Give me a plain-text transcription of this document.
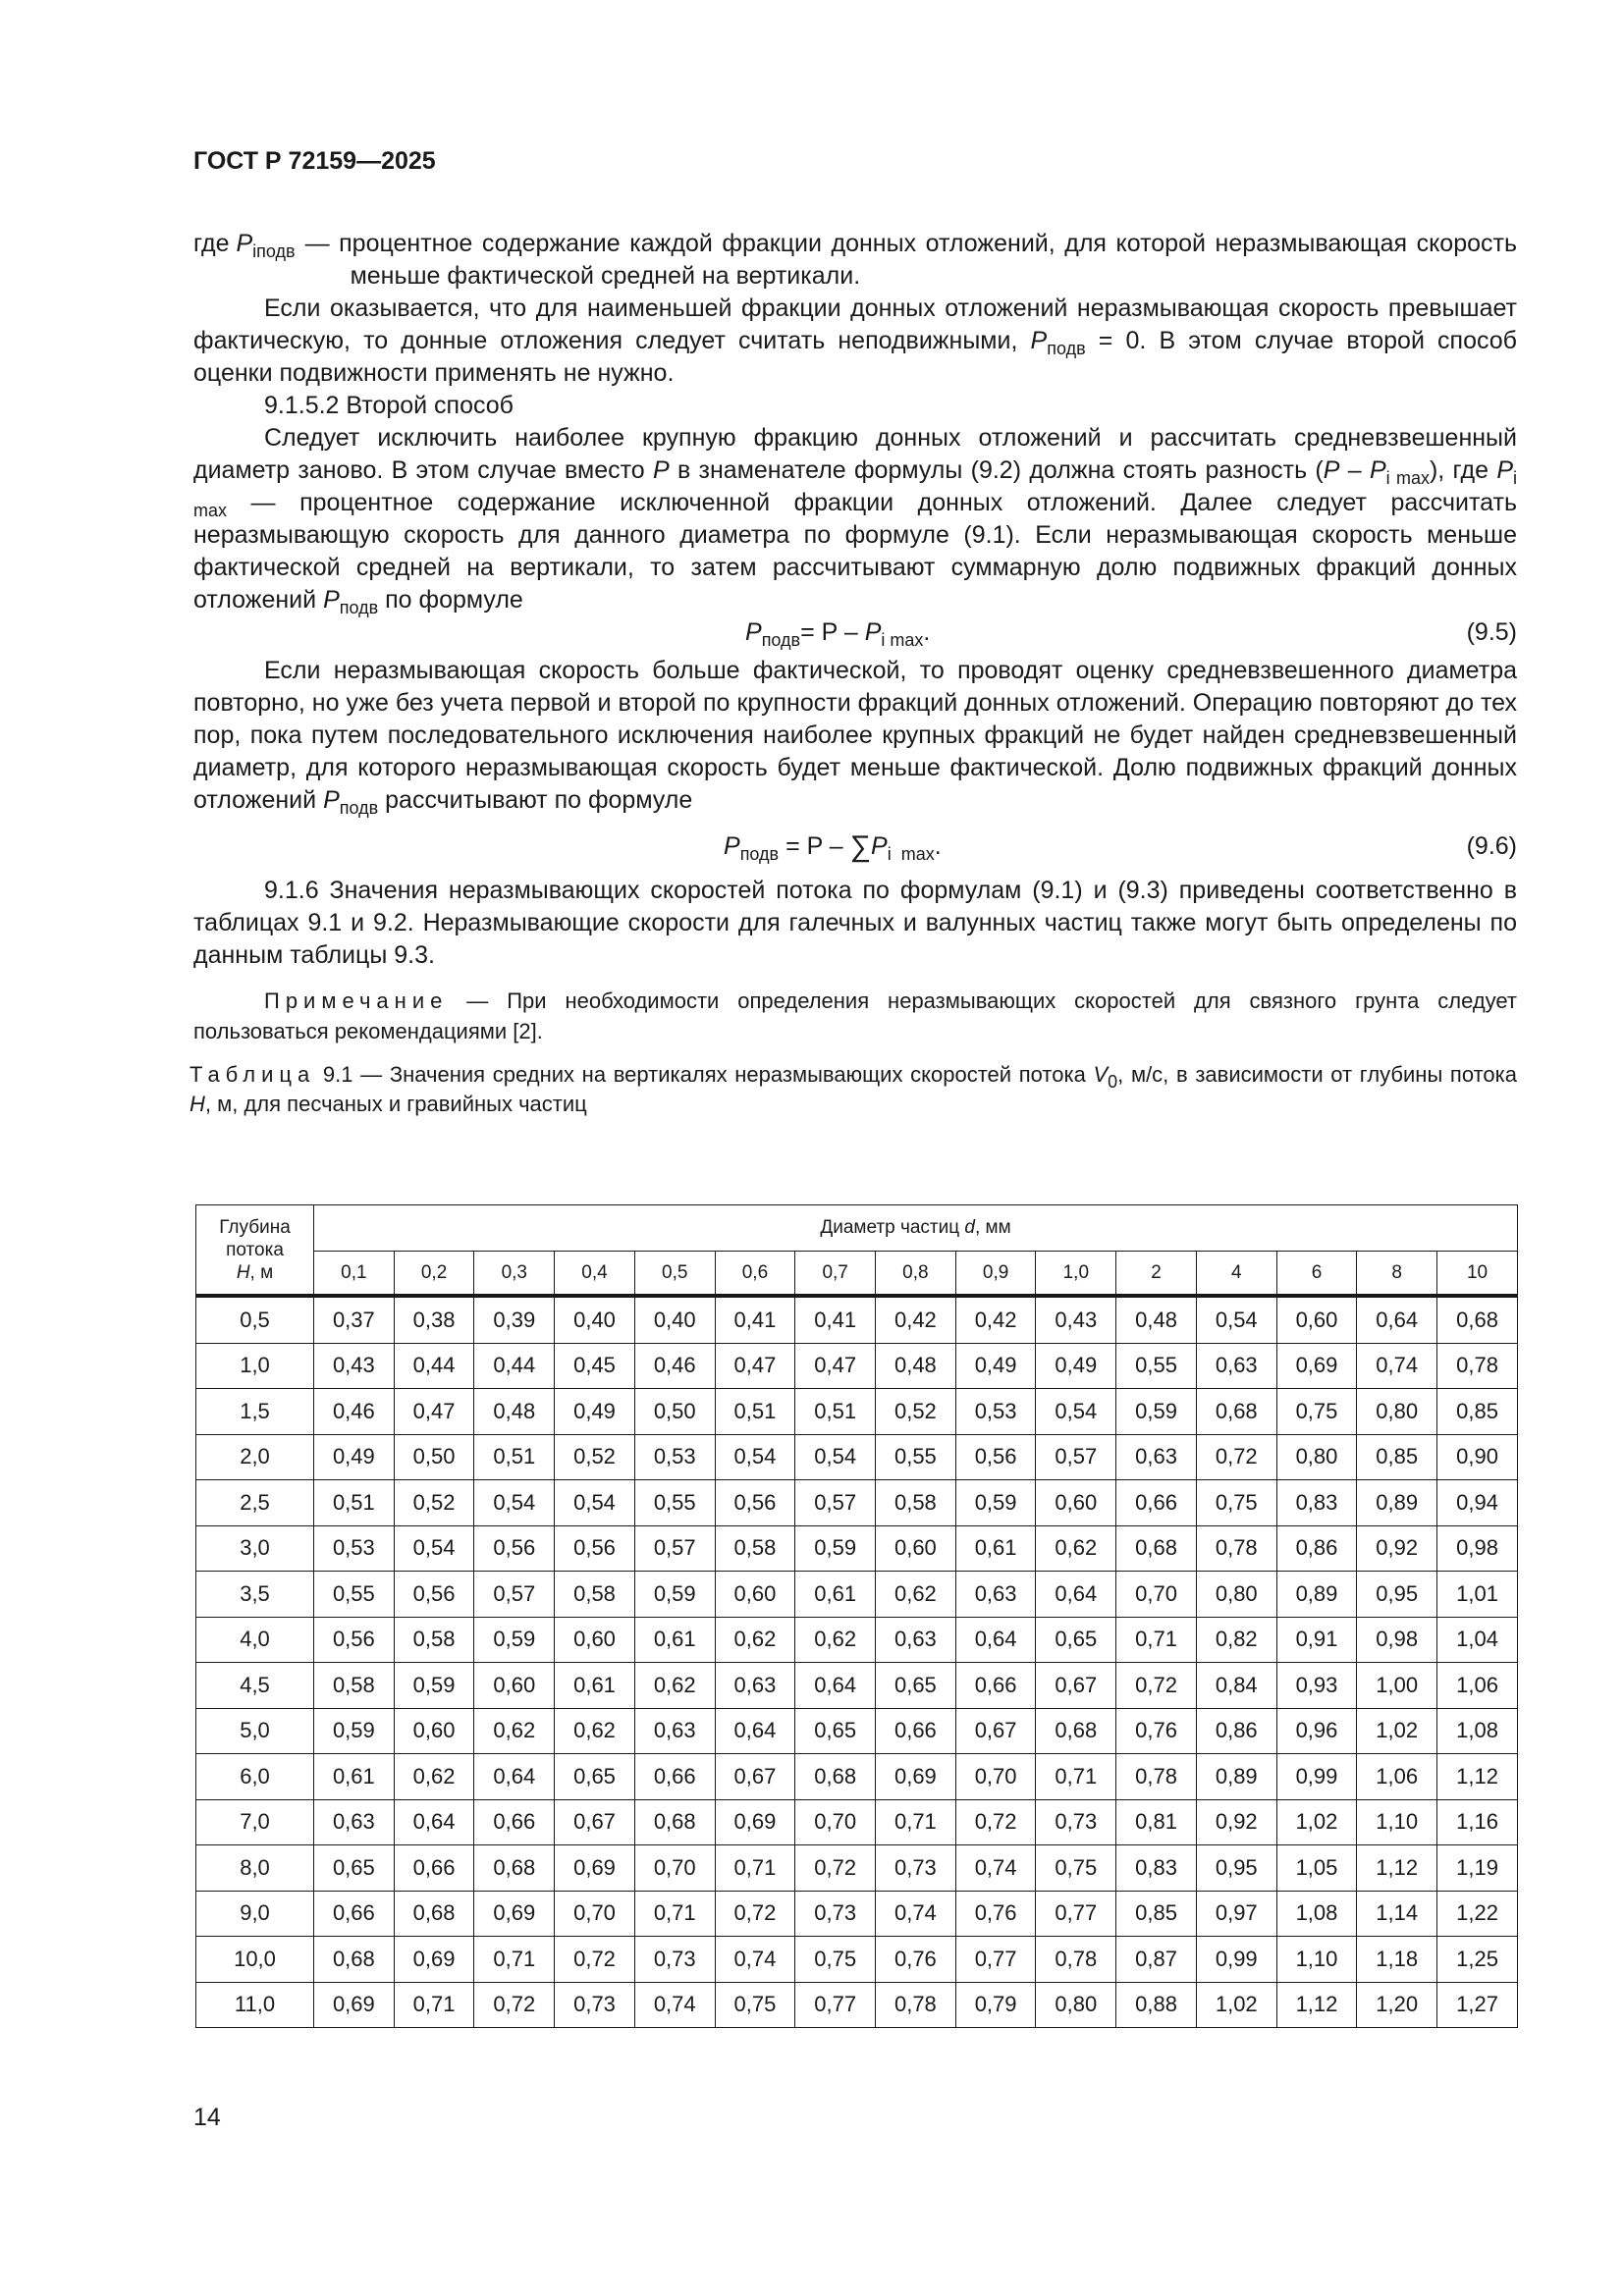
ГОСТ Р 72159—2025
где $P_{iподв}$ — процентное содержание каждой фракции донных отложений, для которой неразмывающая скорость меньше фактической средней на вертикали.

Если оказывается, что для наименьшей фракции донных отложений неразмывающая скорость превышает фактическую, то донные отложения следует считать неподвижными, $P_{подв} = 0$. В этом случае второй способ оценки подвижности применять не нужно.

9.1.5.2 Второй способ

Следует исключить наиболее крупную фракцию донных отложений и рассчитать средневзвешенный диаметр заново. В этом случае вместо P в знаменателе формулы (9.2) должна стоять разность $(P - P_{i max})$, где $P_{i max}$ — процентное содержание исключенной фракции донных отложений. Далее следует рассчитать неразмывающую скорость для данного диаметра по формуле (9.1). Если неразмывающая скорость меньше фактической средней на вертикали, то затем рассчитывают суммарную долю подвижных фракций донных отложений $P_{подв}$ по формуле

$P_{подв}= P - P_{i max}$.	(9.5)

Если неразмывающая скорость больше фактической, то проводят оценку средневзвешенного диаметра повторно, но уже без учета первой и второй по крупности фракций донных отложений. Операцию повторяют до тех пор, пока путем последовательного исключения наиболее крупных фракций не будет найден средневзвешенный диаметр, для которого неразмывающая скорость будет меньше фактической. Долю подвижных фракций донных отложений $P_{подв}$ рассчитывают по формуле

$P_{подв} = P - \sum P_{i max}$.	(9.6)

9.1.6 Значения неразмывающих скоростей потока по формулам (9.1) и (9.3) приведены соответственно в таблицах 9.1 и 9.2. Неразмывающие скорости для галечных и валунных частиц также могут быть определены по данным таблицы 9.3.

Примечание — При необходимости определения неразмывающих скоростей для связного грунта следует пользоваться рекомендациями [2].

Таблица 9.1 — Значения средних на вертикалях неразмывающих скоростей потока $V_0$, м/с, в зависимости от глубины потока H, м, для песчаных и гравийных частиц

Глубина
потока
H, м	Диаметр частиц d, мм														
	0,1	0,2	0,3	0,4	0,5	0,6	0,7	0,8	0,9	1,0	2	4	6	8	10
0,5	0,37	0,38	0,39	0,40	0,40	0,41	0,41	0,42	0,42	0,43	0,48	0,54	0,60	0,64	0,68
1,0	0,43	0,44	0,44	0,45	0,46	0,47	0,47	0,48	0,49	0,49	0,55	0,63	0,69	0,74	0,78
1,5	0,46	0,47	0,48	0,49	0,50	0,51	0,51	0,52	0,53	0,54	0,59	0,68	0,75	0,80	0,85
2,0	0,49	0,50	0,51	0,52	0,53	0,54	0,54	0,55	0,56	0,57	0,63	0,72	0,80	0,85	0,90
2,5	0,51	0,52	0,54	0,54	0,55	0,56	0,57	0,58	0,59	0,60	0,66	0,75	0,83	0,89	0,94
3,0	0,53	0,54	0,56	0,56	0,57	0,58	0,59	0,60	0,61	0,62	0,68	0,78	0,86	0,92	0,98
3,5	0,55	0,56	0,57	0,58	0,59	0,60	0,61	0,62	0,63	0,64	0,70	0,80	0,89	0,95	1,01
4,0	0,56	0,58	0,59	0,60	0,61	0,62	0,62	0,63	0,64	0,65	0,71	0,82	0,91	0,98	1,04
4,5	0,58	0,59	0,60	0,61	0,62	0,63	0,64	0,65	0,66	0,67	0,72	0,84	0,93	1,00	1,06
5,0	0,59	0,60	0,62	0,62	0,63	0,64	0,65	0,66	0,67	0,68	0,76	0,86	0,96	1,02	1,08
6,0	0,61	0,62	0,64	0,65	0,66	0,67	0,68	0,69	0,70	0,71	0,78	0,89	0,99	1,06	1,12
7,0	0,63	0,64	0,66	0,67	0,68	0,69	0,70	0,71	0,72	0,73	0,81	0,92	1,02	1,10	1,16
8,0	0,65	0,66	0,68	0,69	0,70	0,71	0,72	0,73	0,74	0,75	0,83	0,95	1,05	1,12	1,19
9,0	0,66	0,68	0,69	0,70	0,71	0,72	0,73	0,74	0,76	0,77	0,85	0,97	1,08	1,14	1,22
10,0	0,68	0,69	0,71	0,72	0,73	0,74	0,75	0,76	0,77	0,78	0,87	0,99	1,10	1,18	1,25
11,0	0,69	0,71	0,72	0,73	0,74	0,75	0,77	0,78	0,79	0,80	0,88	1,02	1,12	1,20	1,27
14
